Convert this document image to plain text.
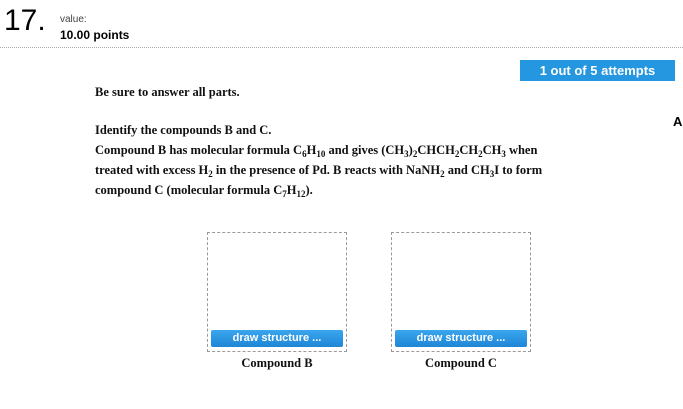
17. value:
10.00 points
1 out of 5 attempts
Be sure to answer all parts.
A
Identify the compounds B and C.
Compound B has molecular formula $C_6H_{10}$ and gives $(CH_3)_2CHCH_2CH_2CH_3$ when
treated with excess $H_2$ in the presence of Pd. B reacts with NaNH$_2$ and $CH_3I$ to form
compound C (molecular formula $C_7H_{12}$).
draw structure ...
Compound B
draw structure ...
Compound C
